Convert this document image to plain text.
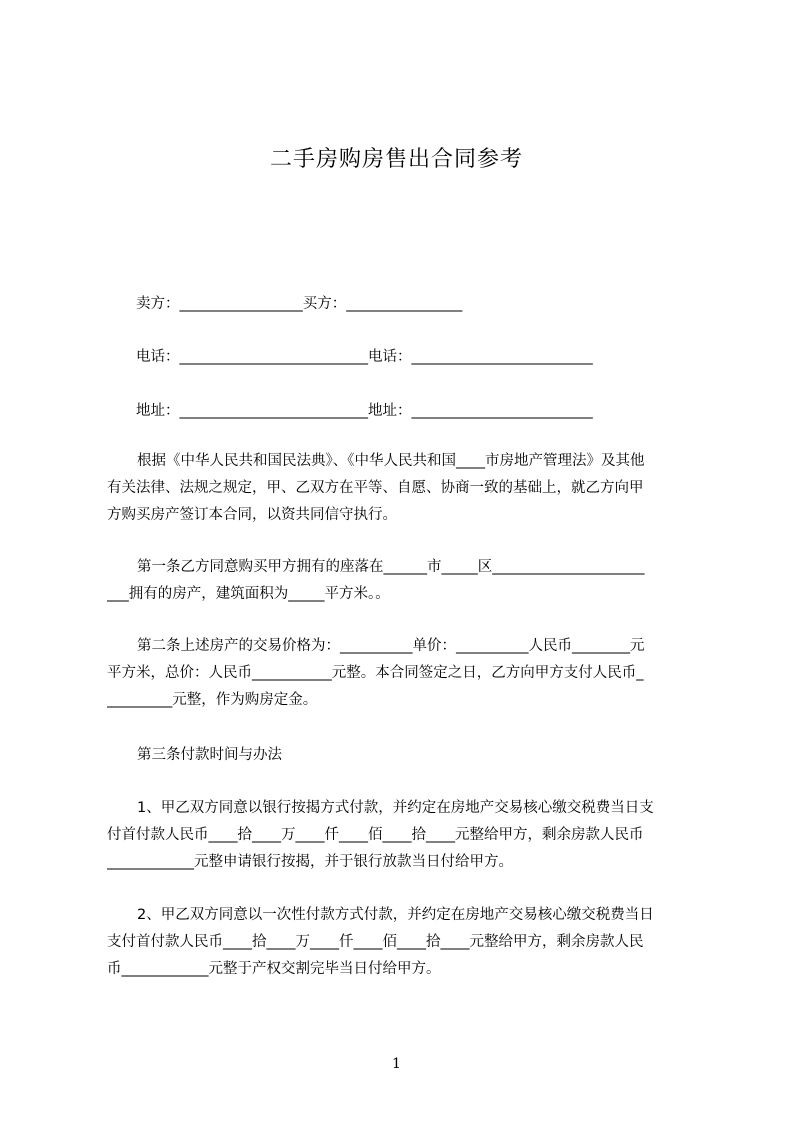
二手房购房售出合同参考
卖方：_________________买方：________________
电话：__________________________电话：_________________________
地址：__________________________地址：_________________________
根据《中华人民共和国民法典》、《中华人民共和国____市房地产管理法》及其他
有关法律、法规之规定，甲、乙双方在平等、自愿、协商一致的基础上，就乙方向甲
方购买房产签订本合同，以资共同信守执行。
第一条乙方同意购买甲方拥有的座落在______市_____区_____________________
___拥有的房产，建筑面积为_____平方米。。
第二条上述房产的交易价格为：__________单价：__________人民币________元
平方米，总价：人民币___________元整。本合同签定之日，乙方向甲方支付人民币_
_________元整，作为购房定金。
第三条付款时间与办法
1、甲乙双方同意以银行按揭方式付款，并约定在房地产交易核心缴交税费当日支
付首付款人民币____拾____万____仟____佰____拾____元整给甲方，剩余房款人民币
____________元整申请银行按揭，并于银行放款当日付给甲方。
2、甲乙双方同意以一次性付款方式付款，并约定在房地产交易核心缴交税费当日
支付首付款人民币____拾____万____仟____佰____拾____元整给甲方，剩余房款人民
币____________元整于产权交割完毕当日付给甲方。
1
